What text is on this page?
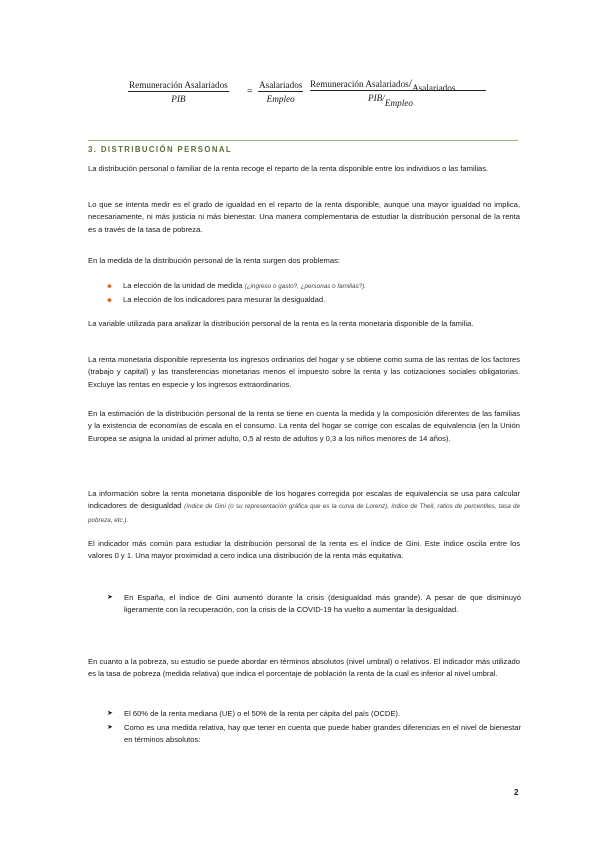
Remuneración Asalariados
PIB
=
Asalariados
Empleo
Remuneración Asalariados/Asalariados
PIB/Empleo
3. DISTRIBUCIÓN PERSONAL
La distribución personal o familiar de la renta recoge el reparto de la renta disponible entre los individuos o las familias.
Lo que se intenta medir es el grado de igualdad en el reparto de la renta disponible, aunque una mayor igualdad no implica, necesariamente, ni más justicia ni más bienestar. Una manera complementaria de estudiar la distribución personal de la renta es a través de la tasa de pobreza.
En la medida de la distribución personal de la renta surgen dos problemas:
⬥ La elección de la unidad de medida (¿ingreso o gasto?, ¿personas o familias?).
⬥ La elección de los indicadores para mesurar la desigualdad.
La variable utilizada para analizar la distribución personal de la renta es la renta monetaria disponible de la familia.
La renta monetaria disponible representa los ingresos ordinarios del hogar y se obtiene como suma de las rentas de los factores (trabajo y capital) y las transferencias monetarias menos el impuesto sobre la renta y las cotizaciones sociales obligatorias. Excluye las rentas en especie y los ingresos extraordinarios.
En la estimación de la distribución personal de la renta se tiene en cuenta la medida y la composición diferentes de las familias y la existencia de economías de escala en el consumo. La renta del hogar se corrige con escalas de equivalencia (en la Unión Europea se asigna la unidad al primer adulto, 0,5 al resto de adultos y 0,3 a los niños menores de 14 años).
La información sobre la renta monetaria disponible de los hogares corregida por escalas de equivalencia se usa para calcular indicadores de desigualdad (índice de Gini (o su representación gráfica que es la curva de Lorenz), índice de Theil, ratios de percentiles, tasa de pobreza, etc.).
El indicador más común para estudiar la distribución personal de la renta es el índice de Gini. Este índice oscila entre los valores 0 y 1. Una mayor proximidad a cero indica una distribución de la renta más equitativa.
➤ En España, el índice de Gini aumentó durante la crisis (desigualdad más grande). A pesar de que disminuyó ligeramente con la recuperación, con la crisis de la COVID-19 ha vuelto a aumentar la desigualdad.
En cuanto a la pobreza, su estudio se puede abordar en términos absolutos (nivel umbral) o relativos. El indicador más utilizado es la tasa de pobreza (medida relativa) que indica el porcentaje de población la renta de la cual es inferior al nivel umbral.
➤ El 60% de la renta mediana (UE) o el 50% de la renta per cápita del país (OCDE).
➤ Como es una medida relativa, hay que tener en cuenta que puede haber grandes diferencias en el nivel de bienestar en términos absolutos:
2
